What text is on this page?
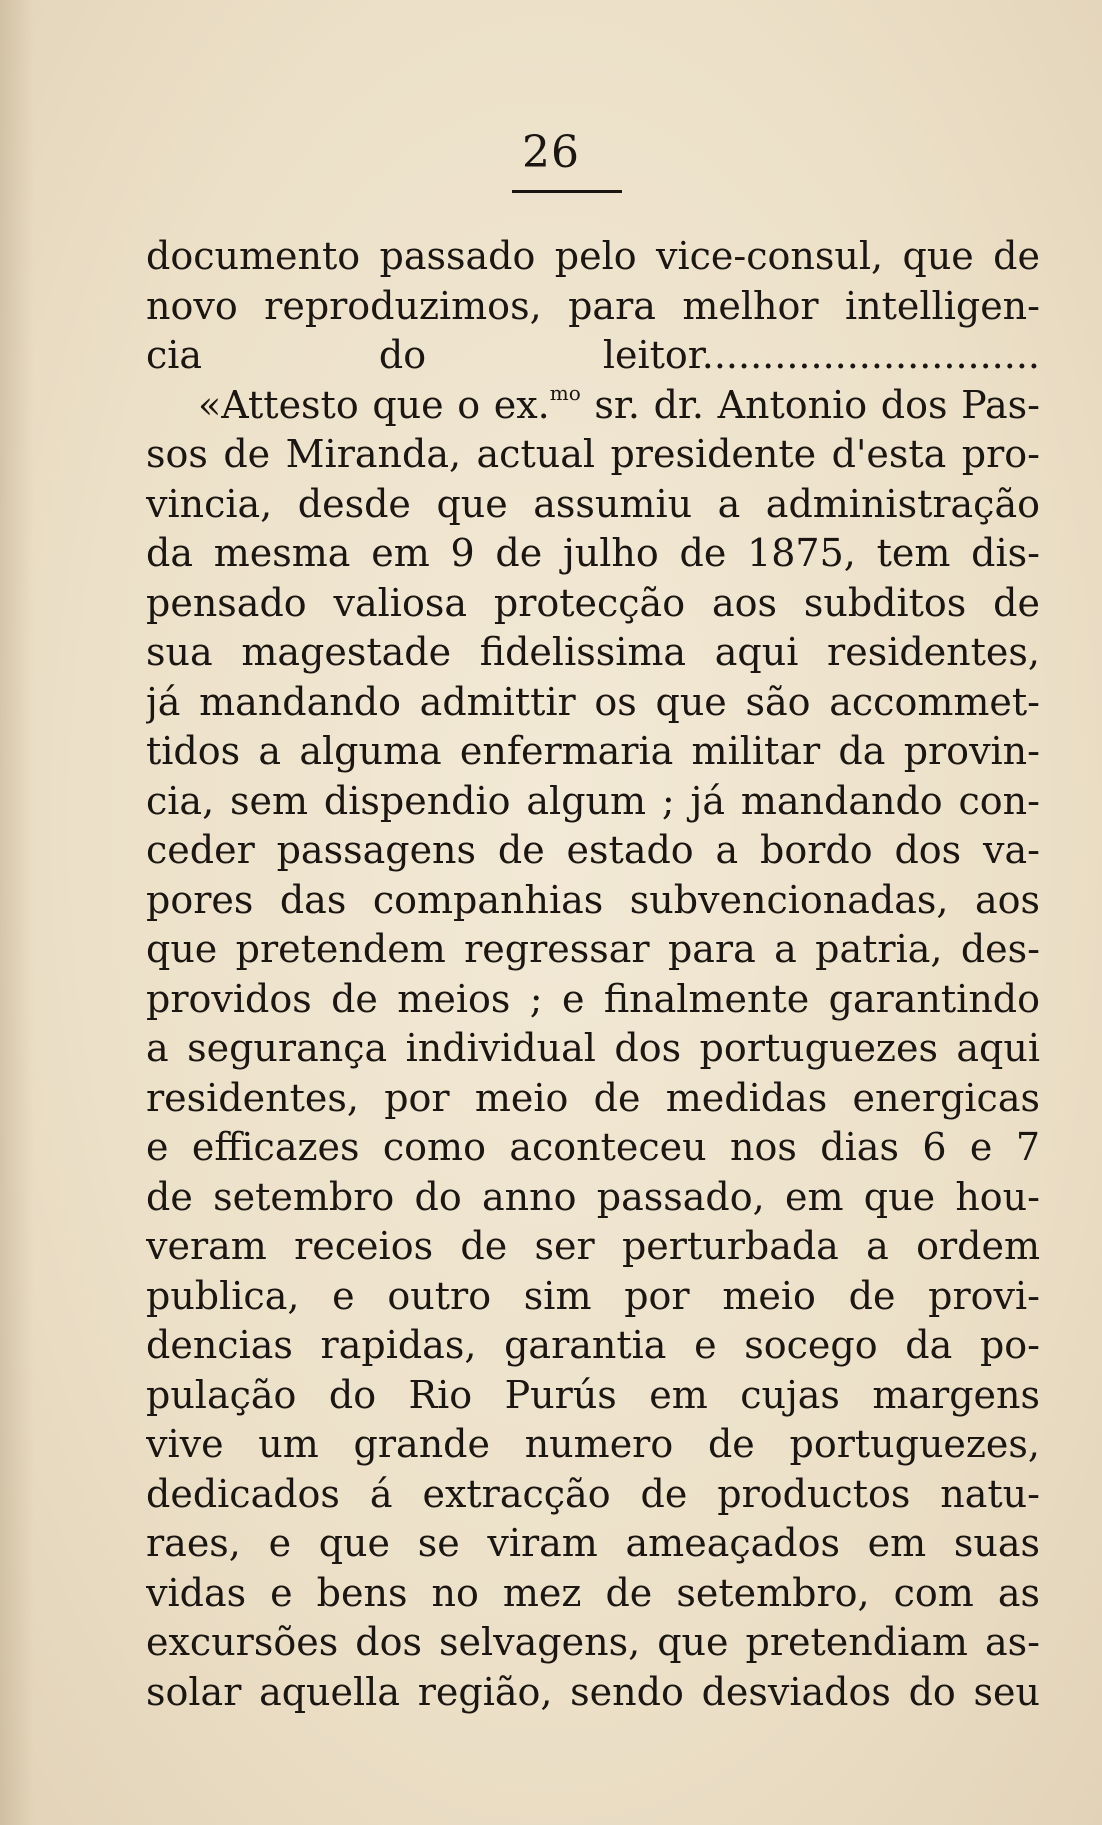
26
documento passado pelo vice-consul, que de
novo reproduzimos, para melhor intelligen-
cia do leitor............................
«Attesto que o ex.$^{mo}$ sr. dr. Antonio dos Pas-
sos de Miranda, actual presidente d'esta pro-
vincia, desde que assumiu a administração
da mesma em 9 de julho de 1875, tem dis-
pensado valiosa protecção aos subditos de
sua magestade fidelissima aqui residentes,
já mandando admittir os que são accommet-
tidos a alguma enfermaria militar da provin-
cia, sem dispendio algum ; já mandando con-
ceder passagens de estado a bordo dos va-
pores das companhias subvencionadas, aos
que pretendem regressar para a patria, des-
providos de meios ; e finalmente garantindo
a segurança individual dos portuguezes aqui
residentes, por meio de medidas energicas
e efficazes como aconteceu nos dias 6 e 7
de setembro do anno passado, em que hou-
veram receios de ser perturbada a ordem
publica, e outro sim por meio de provi-
dencias rapidas, garantia e socego da po-
pulação do Rio Purús em cujas margens
vive um grande numero de portuguezes,
dedicados á extracção de productos natu-
raes, e que se viram ameaçados em suas
vidas e bens no mez de setembro, com as
excursões dos selvagens, que pretendiam as-
solar aquella região, sendo desviados do seu
